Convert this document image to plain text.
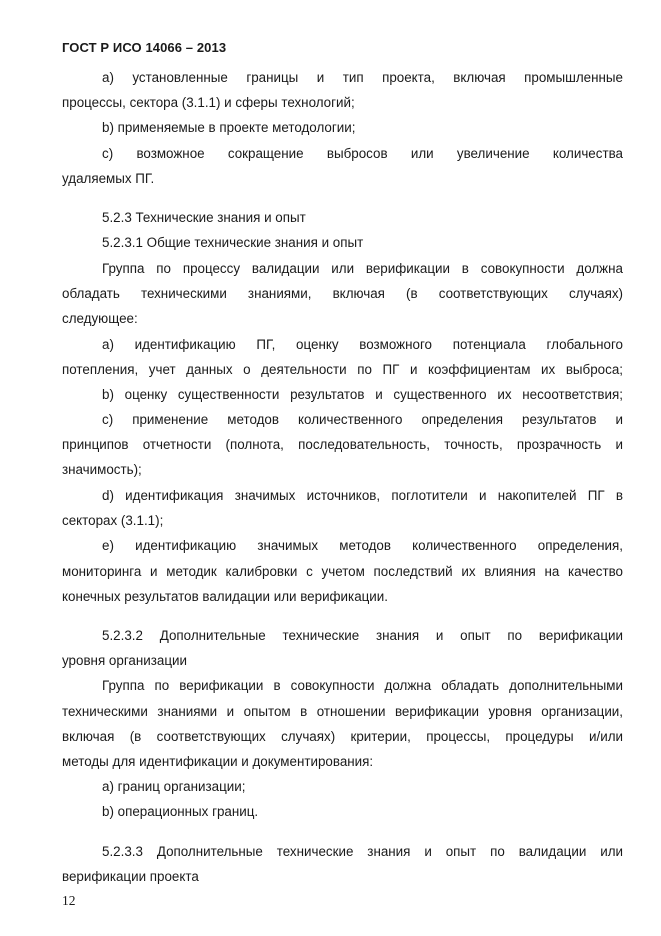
ГОСТ Р ИСО 14066 – 2013
а) установленные границы и тип проекта, включая промышленные
процессы, сектора (3.1.1) и сферы технологий;
b) применяемые в проекте методологии;
с) возможное сокращение выбросов или увеличение количества
удаляемых ПГ.
5.2.3 Технические знания и опыт
5.2.3.1 Общие технические знания и опыт
Группа по процессу валидации или верификации в совокупности должна
обладать техническими знаниями, включая (в соответствующих случаях)
следующее:
а) идентификацию ПГ, оценку возможного потенциала глобального
потепления, учет данных о деятельности по ПГ и коэффициентам их выброса;
b) оценку существенности результатов и существенного их несоответствия;
с) применение методов количественного определения результатов и
принципов отчетности (полнота, последовательность, точность, прозрачность и
значимость);
d) идентификация значимых источников, поглотители и накопителей ПГ в
секторах (3.1.1);
е) идентификацию значимых методов количественного определения,
мониторинга и методик калибровки с учетом последствий их влияния на качество
конечных результатов валидации или верификации.
5.2.3.2 Дополнительные технические знания и опыт по верификации
уровня организации
Группа по верификации в совокупности должна обладать дополнительными
техническими знаниями и опытом в отношении верификации уровня организации,
включая (в соответствующих случаях) критерии, процессы, процедуры и/или
методы для идентификации и документирования:
а) границ организации;
b) операционных границ.
5.2.3.3 Дополнительные технические знания и опыт по валидации или
верификации проекта
12
